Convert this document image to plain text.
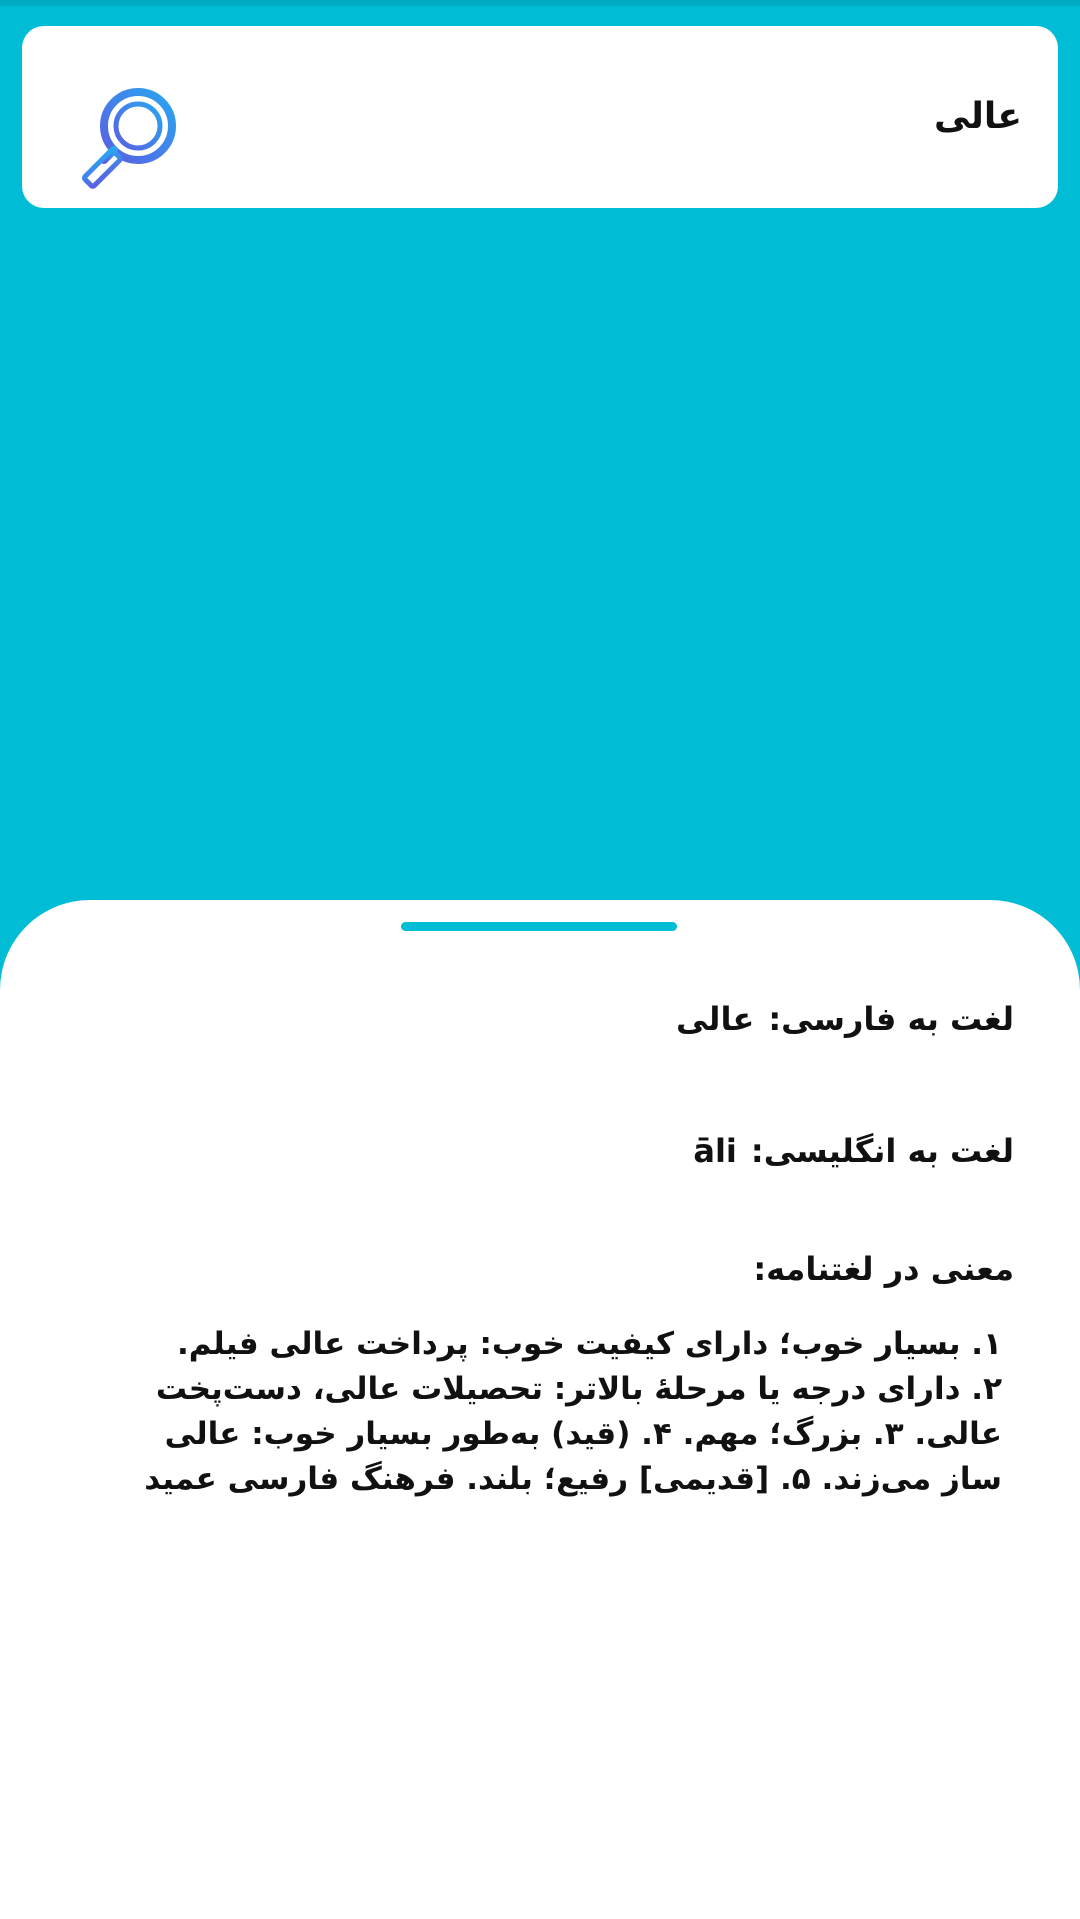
عالی
لغت به فارسی:عالی
لغت به انگلیسی:āli
معنی در لغتنامه:
۱. بسیار خوب؛ دارای کیفیت خوب: پرداخت عالی فیلم. ۲. دارای درجه یا مرحلهٔ بالاتر: تحصیلات عالی، دست‌پخت عالی. ۳. بزرگ؛ مهم. ۴. (قید) به‌طور بسیار خوب: عالی ساز می‌زند. ۵. [قدیمی] رفیع؛ بلند. فرهنگ فارسی عمید
